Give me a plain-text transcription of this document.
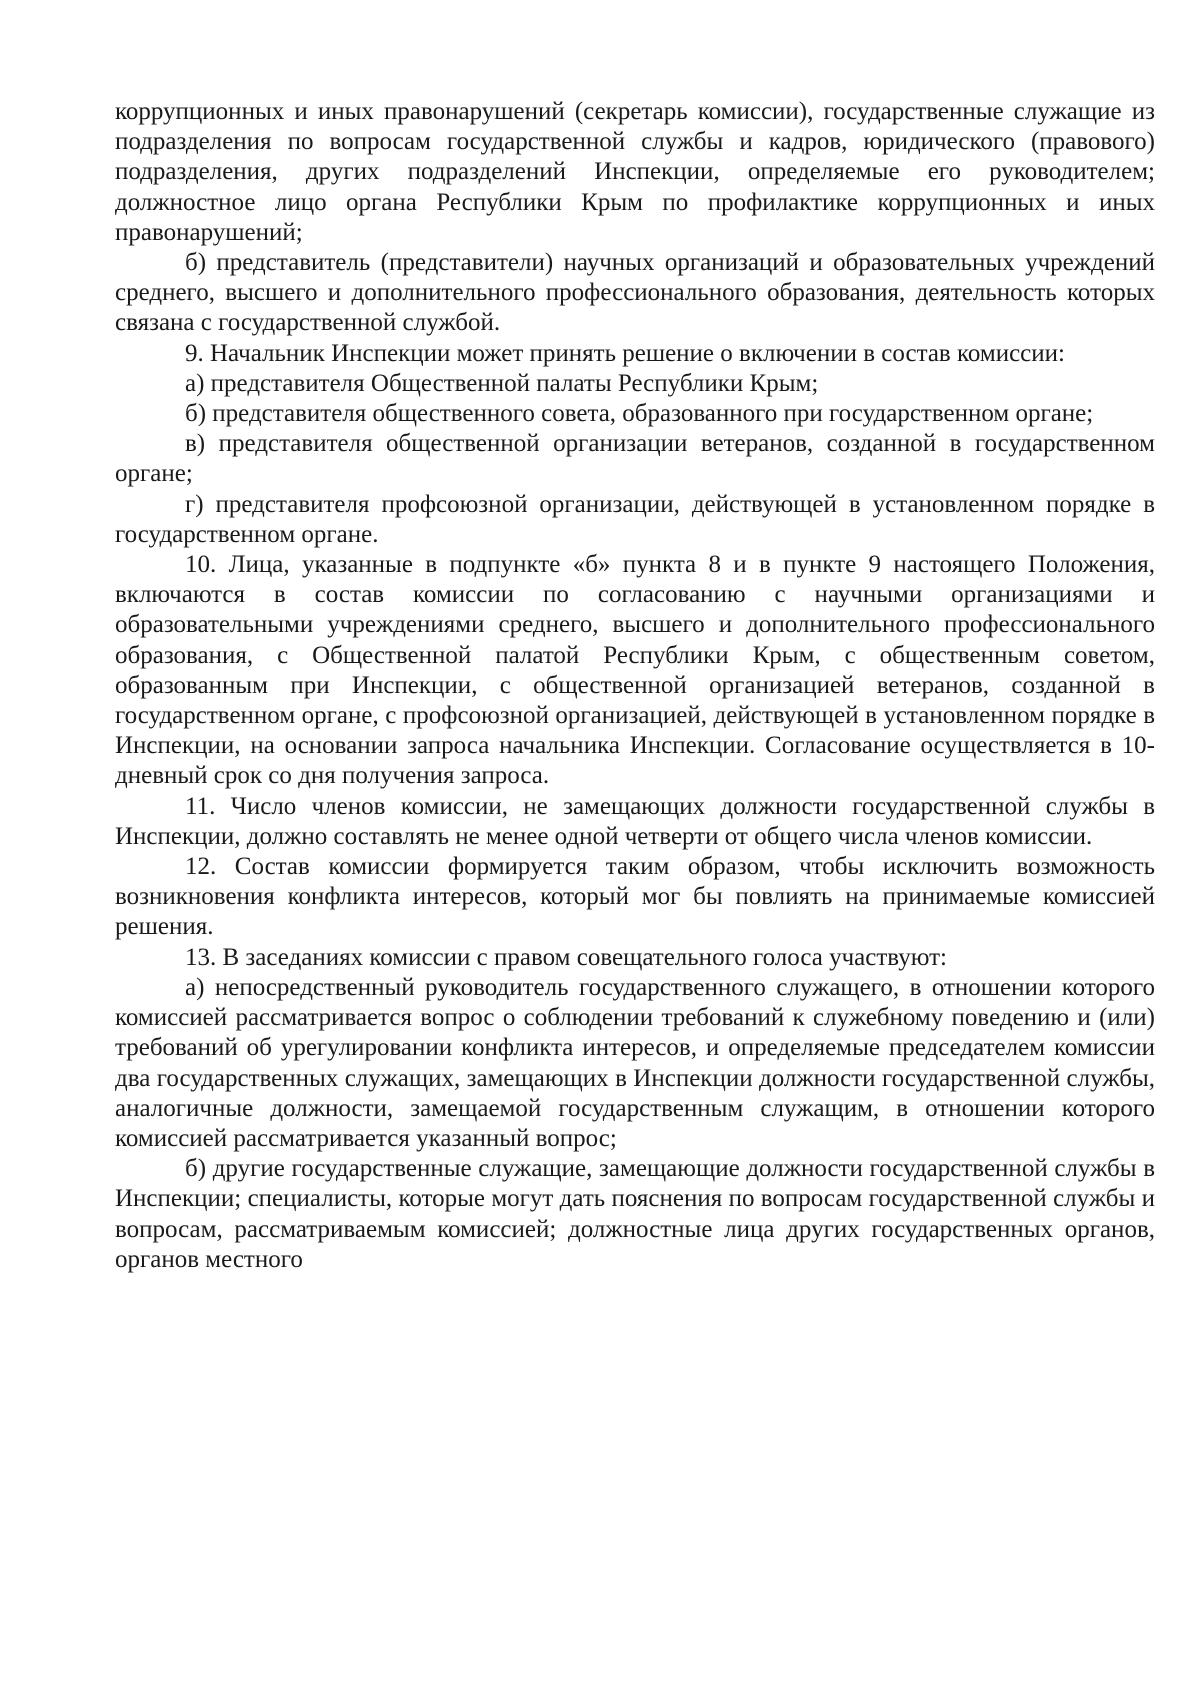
коррупционных и иных правонарушений (секретарь комиссии), государственные служащие из подразделения по вопросам государственной службы и кадров, юридического (правового) подразделения, других подразделений Инспекции, определяемые его руководителем; должностное лицо органа Республики Крым по профилактике коррупционных и иных правонарушений;

б) представитель (представители) научных организаций и образовательных учреждений среднего, высшего и дополнительного профессионального образования, деятельность которых связана с государственной службой.

9. Начальник Инспекции может принять решение о включении в состав комиссии:

а) представителя Общественной палаты Республики Крым;

б) представителя общественного совета, образованного при государственном органе;

в) представителя общественной организации ветеранов, созданной в государственном органе;

г) представителя профсоюзной организации, действующей в установленном порядке в государственном органе.

10. Лица, указанные в подпункте «б» пункта 8 и в пункте 9 настоящего Положения, включаются в состав комиссии по согласованию с научными организациями и образовательными учреждениями среднего, высшего и дополнительного профессионального образования, с Общественной палатой Республики Крым, с общественным советом, образованным при Инспекции, с общественной организацией ветеранов, созданной в государственном органе, с профсоюзной организацией, действующей в установленном порядке в Инспекции, на основании запроса начальника Инспекции. Согласование осуществляется в 10-дневный срок со дня получения запроса.

11. Число членов комиссии, не замещающих должности государственной службы в Инспекции, должно составлять не менее одной четверти от общего числа членов комиссии.

12. Состав комиссии формируется таким образом, чтобы исключить возможность возникновения конфликта интересов, который мог бы повлиять на принимаемые комиссией решения.

13. В заседаниях комиссии с правом совещательного голоса участвуют:

а) непосредственный руководитель государственного служащего, в отношении которого комиссией рассматривается вопрос о соблюдении требований к служебному поведению и (или) требований об урегулировании конфликта интересов, и определяемые председателем комиссии два государственных служащих, замещающих в Инспекции должности государственной службы, аналогичные должности, замещаемой государственным служащим, в отношении которого комиссией рассматривается указанный вопрос;

б) другие государственные служащие, замещающие должности государственной службы в Инспекции; специалисты, которые могут дать пояснения по вопросам государственной службы и вопросам, рассматриваемым комиссией; должностные лица других государственных органов, органов местного
